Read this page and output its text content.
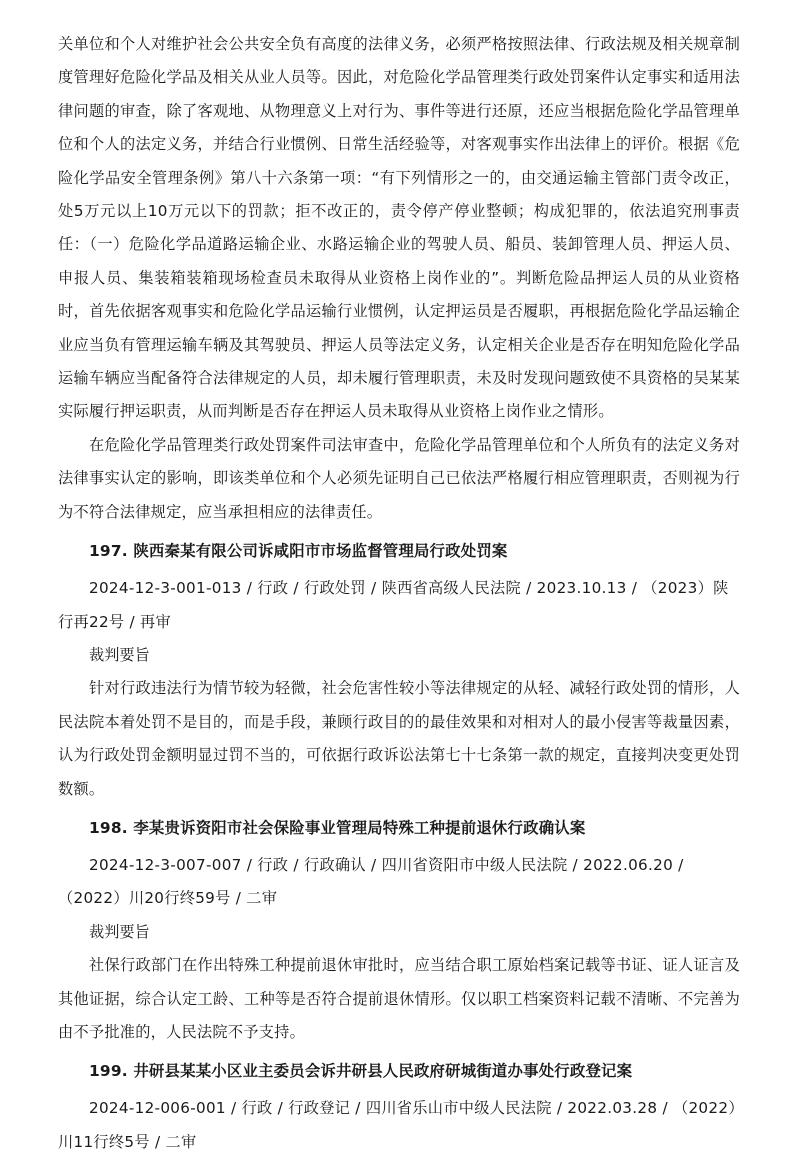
关单位和个人对维护社会公共安全负有高度的法律义务，必须严格按照法律、行政法规及相关规章制度管理好危险化学品及相关从业人员等。因此，对危险化学品管理类行政处罚案件认定事实和适用法律问题的审查，除了客观地、从物理意义上对行为、事件等进行还原，还应当根据危险化学品管理单位和个人的法定义务，并结合行业惯例、日常生活经验等，对客观事实作出法律上的评价。根据《危险化学品安全管理条例》第八十六条第一项：“有下列情形之一的，由交通运输主管部门责令改正，处5万元以上10万元以下的罚款；拒不改正的，责令停产停业整顿；构成犯罪的，依法追究刑事责任：（一）危险化学品道路运输企业、水路运输企业的驾驶人员、船员、装卸管理人员、押运人员、申报人员、集装箱装箱现场检查员未取得从业资格上岗作业的”。判断危险品押运人员的从业资格时，首先依据客观事实和危险化学品运输行业惯例，认定押运员是否履职，再根据危险化学品运输企业应当负有管理运输车辆及其驾驶员、押运人员等法定义务，认定相关企业是否存在明知危险化学品运输车辆应当配备符合法律规定的人员，却未履行管理职责，未及时发现问题致使不具资格的吴某某实际履行押运职责，从而判断是否存在押运人员未取得从业资格上岗作业之情形。

在危险化学品管理类行政处罚案件司法审查中，危险化学品管理单位和个人所负有的法定义务对法律事实认定的影响，即该类单位和个人必须先证明自己已依法严格履行相应管理职责，否则视为行为不符合法律规定，应当承担相应的法律责任。

197. 陕西秦某有限公司诉咸阳市市场监督管理局行政处罚案

2024-12-3-001-013 / 行政 / 行政处罚 / 陕西省高级人民法院 / 2023.10.13 / （2023）陕行再22号 / 再审

裁判要旨

针对行政违法行为情节较为轻微，社会危害性较小等法律规定的从轻、减轻行政处罚的情形，人民法院本着处罚不是目的，而是手段，兼顾行政目的的最佳效果和对相对人的最小侵害等裁量因素，认为行政处罚金额明显过罚不当的，可依据行政诉讼法第七十七条第一款的规定，直接判决变更处罚数额。

198. 李某贵诉资阳市社会保险事业管理局特殊工种提前退休行政确认案

2024-12-3-007-007 / 行政 / 行政确认 / 四川省资阳市中级人民法院 / 2022.06.20 / （2022）川20行终59号 / 二审

裁判要旨

社保行政部门在作出特殊工种提前退休审批时，应当结合职工原始档案记载等书证、证人证言及其他证据，综合认定工龄、工种等是否符合提前退休情形。仅以职工档案资料记载不清晰、不完善为由不予批准的，人民法院不予支持。

199. 井研县某某小区业主委员会诉井研县人民政府研城街道办事处行政登记案

2024-12-006-001 / 行政 / 行政登记 / 四川省乐山市中级人民法院 / 2022.03.28 / （2022）川11行终5号 / 二审
